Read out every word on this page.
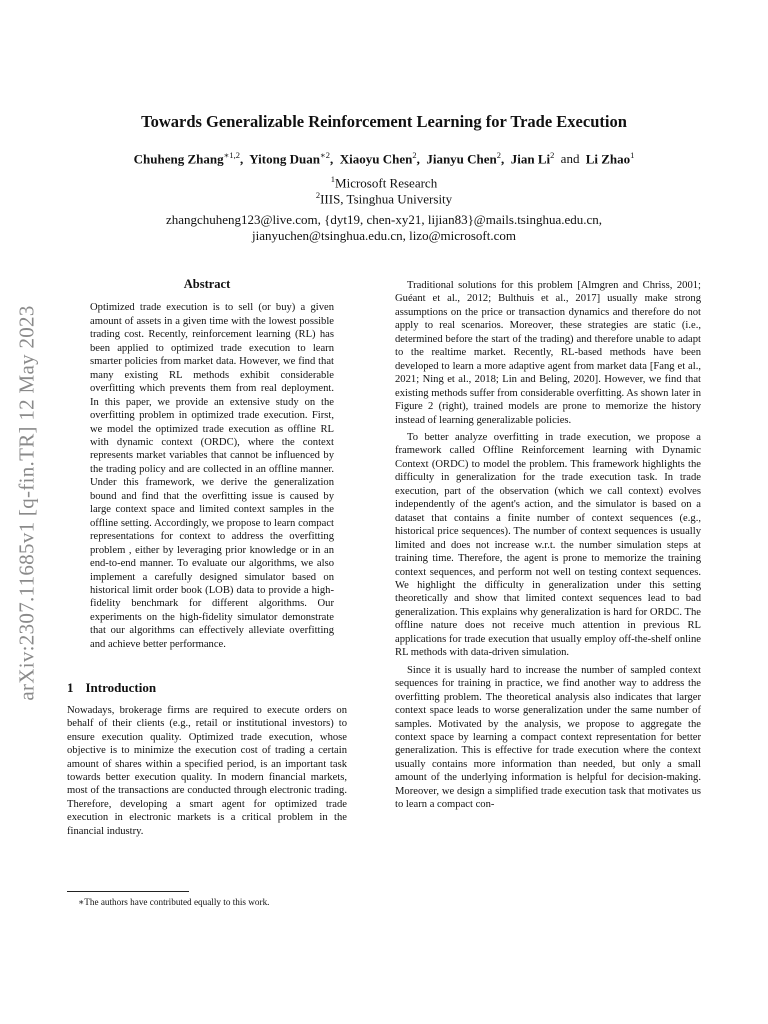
arXiv:2307.11685v1 [q-fin.TR] 12 May 2023
Towards Generalizable Reinforcement Learning for Trade Execution
Chuheng Zhang$^{∗1,2}$,  Yitong Duan$^{∗2}$,  Xiaoyu Chen$^2$,  Jianyu Chen$^2$,  Jian Li$^2$ and Li Zhao$^1$
$^1$Microsoft Research
$^2$IIIS, Tsinghua University
zhangchuheng123@live.com, {dyt19, chen-xy21, lijian83}@mails.tsinghua.edu.cn,
jianyuchen@tsinghua.edu.cn, lizo@microsoft.com
Abstract

Optimized trade execution is to sell (or buy) a given amount of assets in a given time with the lowest possible trading cost. Recently, reinforcement learning (RL) has been applied to optimized trade execution to learn smarter policies from market data. However, we find that many existing RL methods exhibit considerable overfitting which prevents them from real deployment. In this paper, we provide an extensive study on the overfitting problem in optimized trade execution. First, we model the optimized trade execution as offline RL with dynamic context (ORDC), where the context represents market variables that cannot be influenced by the trading policy and are collected in an offline manner. Under this framework, we derive the generalization bound and find that the overfitting issue is caused by large context space and limited context samples in the offline setting. Accordingly, we propose to learn compact representations for context to address the overfitting problem , either by leveraging prior knowledge or in an end-to-end manner. To evaluate our algorithms, we also implement a carefully designed simulator based on historical limit order book (LOB) data to provide a high-fidelity benchmark for different algorithms. Our experiments on the high-fidelity simulator demonstrate that our algorithms can effectively alleviate overfitting and achieve better performance.

1 Introduction

Nowadays, brokerage firms are required to execute orders on behalf of their clients (e.g., retail or institutional investors) to ensure execution quality. Optimized trade execution, whose objective is to minimize the execution cost of trading a certain amount of shares within a specified period, is an important task towards better execution quality. In modern financial markets, most of the transactions are conducted through electronic trading. Therefore, developing a smart agent for optimized trade execution in electronic markets is a critical problem in the financial industry.

Traditional solutions for this problem [Almgren and Chriss, 2001; Guéant et al., 2012; Bulthuis et al., 2017] usually make strong assumptions on the price or transaction dynamics and therefore do not apply to real scenarios. Moreover, these strategies are static (i.e., determined before the start of the trading) and therefore unable to adapt to the realtime market. Recently, RL-based methods have been developed to learn a more adaptive agent from market data [Fang et al., 2021; Ning et al., 2018; Lin and Beling, 2020]. However, we find that existing methods suffer from considerable overfitting. As shown later in Figure 2 (right), trained models are prone to memorize the history instead of learning generalizable policies.

To better analyze overfitting in trade execution, we propose a framework called Offline Reinforcement learning with Dynamic Context (ORDC) to model the problem. This framework highlights the difficulty in generalization for the trade execution task. In trade execution, part of the observation (which we call context) evolves independently of the agent's action, and the simulator is based on a dataset that contains a finite number of context sequences (e.g., historical price sequences). The number of context sequences is usually limited and does not increase w.r.t. the number simulation steps at training time. Therefore, the agent is prone to memorize the training context sequences, and perform not well on testing context sequences. We highlight the difficulty in generalization under this setting theoretically and show that limited context sequences lead to bad generalization. This explains why generalization is hard for ORDC. The offline nature does not receive much attention in previous RL applications for trade execution that usually employ off-the-shelf online RL methods with data-driven simulation.

Since it is usually hard to increase the number of sampled context sequences for training in practice, we find another way to address the overfitting problem. The theoretical analysis also indicates that larger context space leads to worse generalization under the same number of samples. Motivated by the analysis, we propose to aggregate the context space by learning a compact context representation for better generalization. This is effective for trade execution where the context usually contains more information than needed, but only a small amount of the underlying information is helpful for decision-making. Moreover, we design a simplified trade execution task that motivates us to learn a compact con-

∗The authors have contributed equally to this work.
